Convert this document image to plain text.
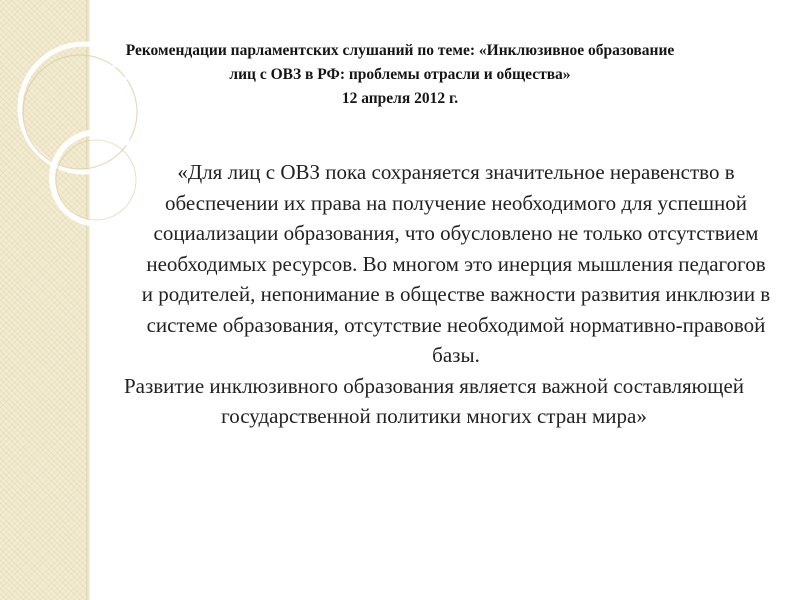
Рекомендации парламентских слушаний по теме: «Инклюзивное образование
лиц с ОВЗ в РФ: проблемы отрасли и общества»
12 апреля 2012 г.
«Для лиц с ОВЗ пока сохраняется значительное неравенство в обеспечении их права на получение необходимого для успешной социализации образования, что обусловлено не только отсутствием необходимых ресурсов. Во многом это инерция мышления педагогов и родителей, непонимание в обществе важности развития инклюзии в системе образования, отсутствие необходимой нормативно-правовой базы.
Развитие инклюзивного образования является важной составляющей государственной политики многих стран мира»
